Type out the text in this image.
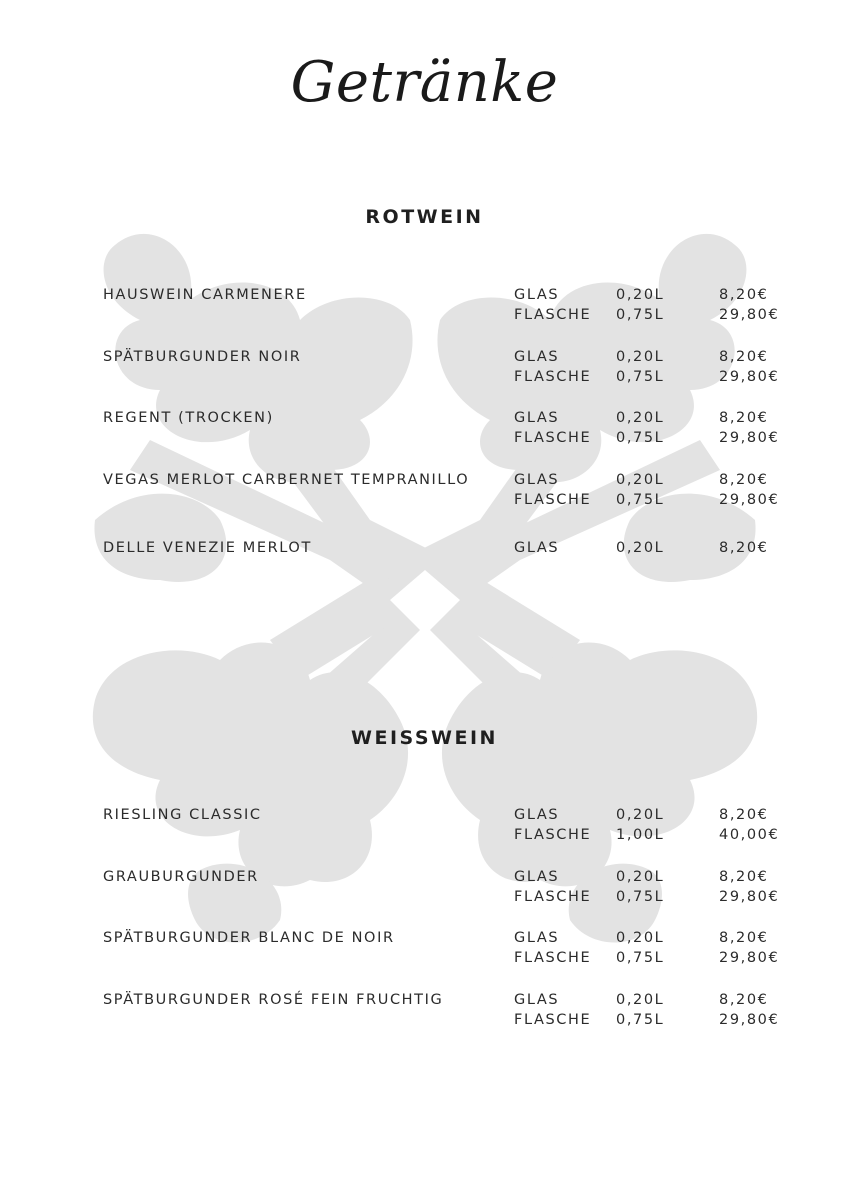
Getränke
ROTWEIN
HAUSWEIN CARMENERE	GLAS	0,20L	8,20€
FLASCHE 0,75L	29,80€
SPÄTBURGUNDER NOIR	GLAS	0,20L	8,20€
FLASCHE 0,75L	29,80€
REGENT (TROCKEN)	GLAS	0,20L	8,20€
FLASCHE 0,75L	29,80€
VEGAS MERLOT CARBERNET TEMPRANILLO	GLAS	0,20L	8,20€
FLASCHE 0,75L	29,80€
DELLE VENEZIE MERLOT	GLAS	0,20L	8,20€
WEISSWEIN
RIESLING CLASSIC	GLAS	0,20L	8,20€
FLASCHE 1,00L	40,00€
GRAUBURGUNDER	GLAS	0,20L	8,20€
FLASCHE 0,75L	29,80€
SPÄTBURGUNDER BLANC DE NOIR	GLAS	0,20L	8,20€
FLASCHE 0,75L	29,80€
SPÄTBURGUNDER ROSÉ FEIN FRUCHTIG	GLAS	0,20L	8,20€
FLASCHE 0,75L	29,80€
